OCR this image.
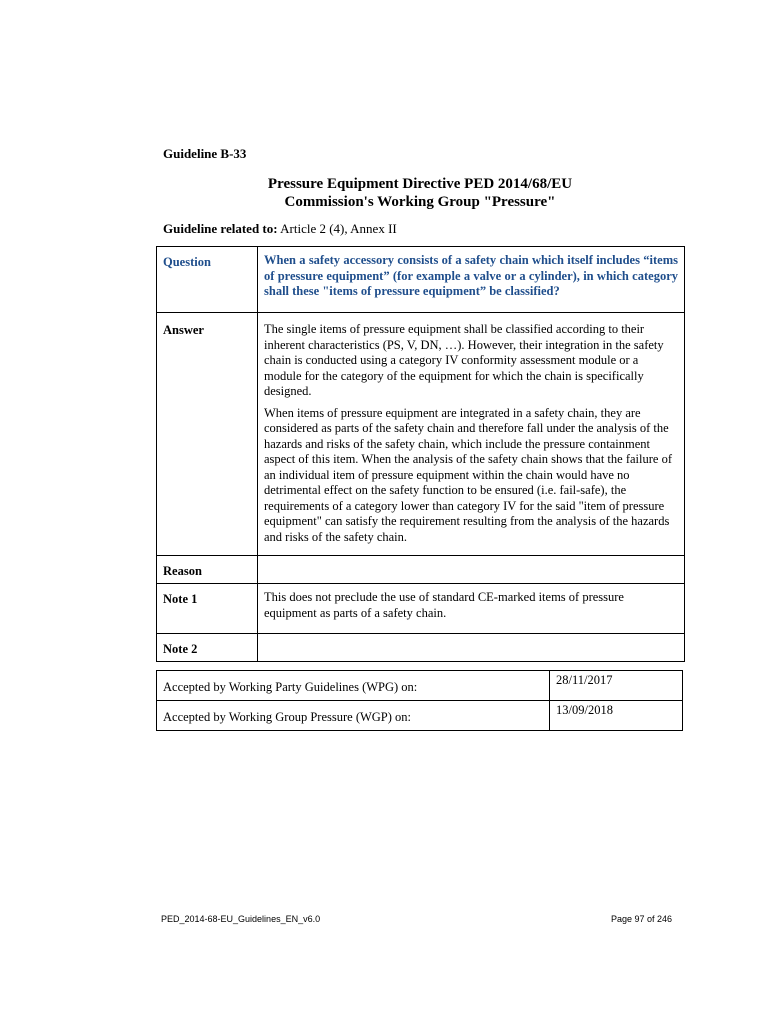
Guideline B-33
Pressure Equipment Directive PED 2014/68/EU
Commission's Working Group "Pressure"
Guideline related to: Article 2 (4), Annex II
Question	When a safety accessory consists of a safety chain which itself includes “items of pressure equipment” (for example a valve or a cylinder), in which category shall these "items of pressure equipment” be classified?
Answer	The single items of pressure equipment shall be classified according to their inherent characteristics (PS, V, DN, …). However, their integration in the safety chain is conducted using a category IV conformity assessment module or a module for the category of the equipment for which the chain is specifically designed.

When items of pressure equipment are integrated in a safety chain, they are considered as parts of the safety chain and therefore fall under the analysis of the hazards and risks of the safety chain, which include the pressure containment aspect of this item. When the analysis of the safety chain shows that the failure of an individual item of pressure equipment within the chain would have no detrimental effect on the safety function to be ensured (i.e. fail-safe), the requirements of a category lower than category IV for the said "item of pressure equipment" can satisfy the requirement resulting from the analysis of the hazards and risks of the safety chain.

Reason	
Note 1	This does not preclude the use of standard CE-marked items of pressure equipment as parts of a safety chain.
Note 2	
Accepted by Working Party Guidelines (WPG) on:	28/11/2017
Accepted by Working Group Pressure (WGP) on:	13/09/2018
PED_2014-68-EU_Guidelines_EN_v6.0	Page 97 of 246
